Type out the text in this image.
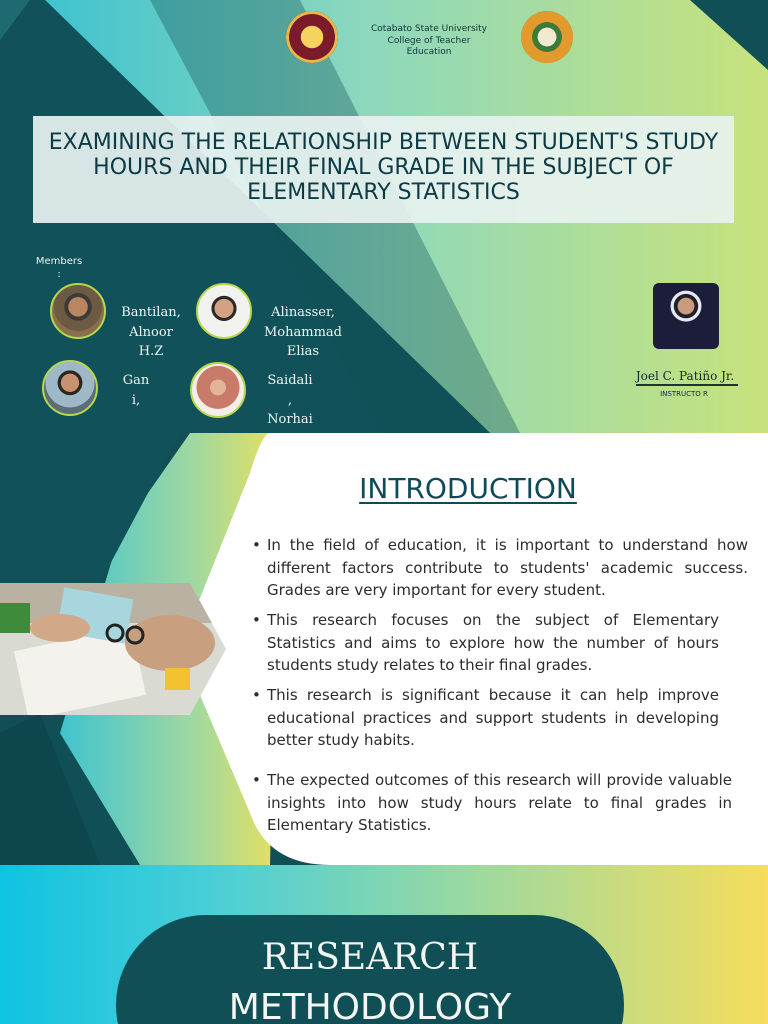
Cotabato State University
College of Teacher
Education
EXAMINING THE RELATIONSHIP BETWEEN STUDENT'S STUDY HOURS AND THEIR FINAL GRADE IN THE SUBJECT OF ELEMENTARY STATISTICS
Members :
Bantilan, Alnoor H.Z
Alinasser, Mohammad Elias
Gan i,
Saidali , Norhai
Joel C. Patiño Jr.
INSTRUCTO R
INTRODUCTION
• In the field of education, it is important to understand how different factors contribute to students' academic success. Grades are very important for every student.
• This research focuses on the subject of Elementary Statistics and aims to explore how the number of hours students study relates to their final grades.
• This research is significant because it can help improve educational practices and support students in developing better study habits.
• The expected outcomes of this research will provide valuable insights into how study hours relate to final grades in Elementary Statistics.
RESEARCH
METHODOLOGY
